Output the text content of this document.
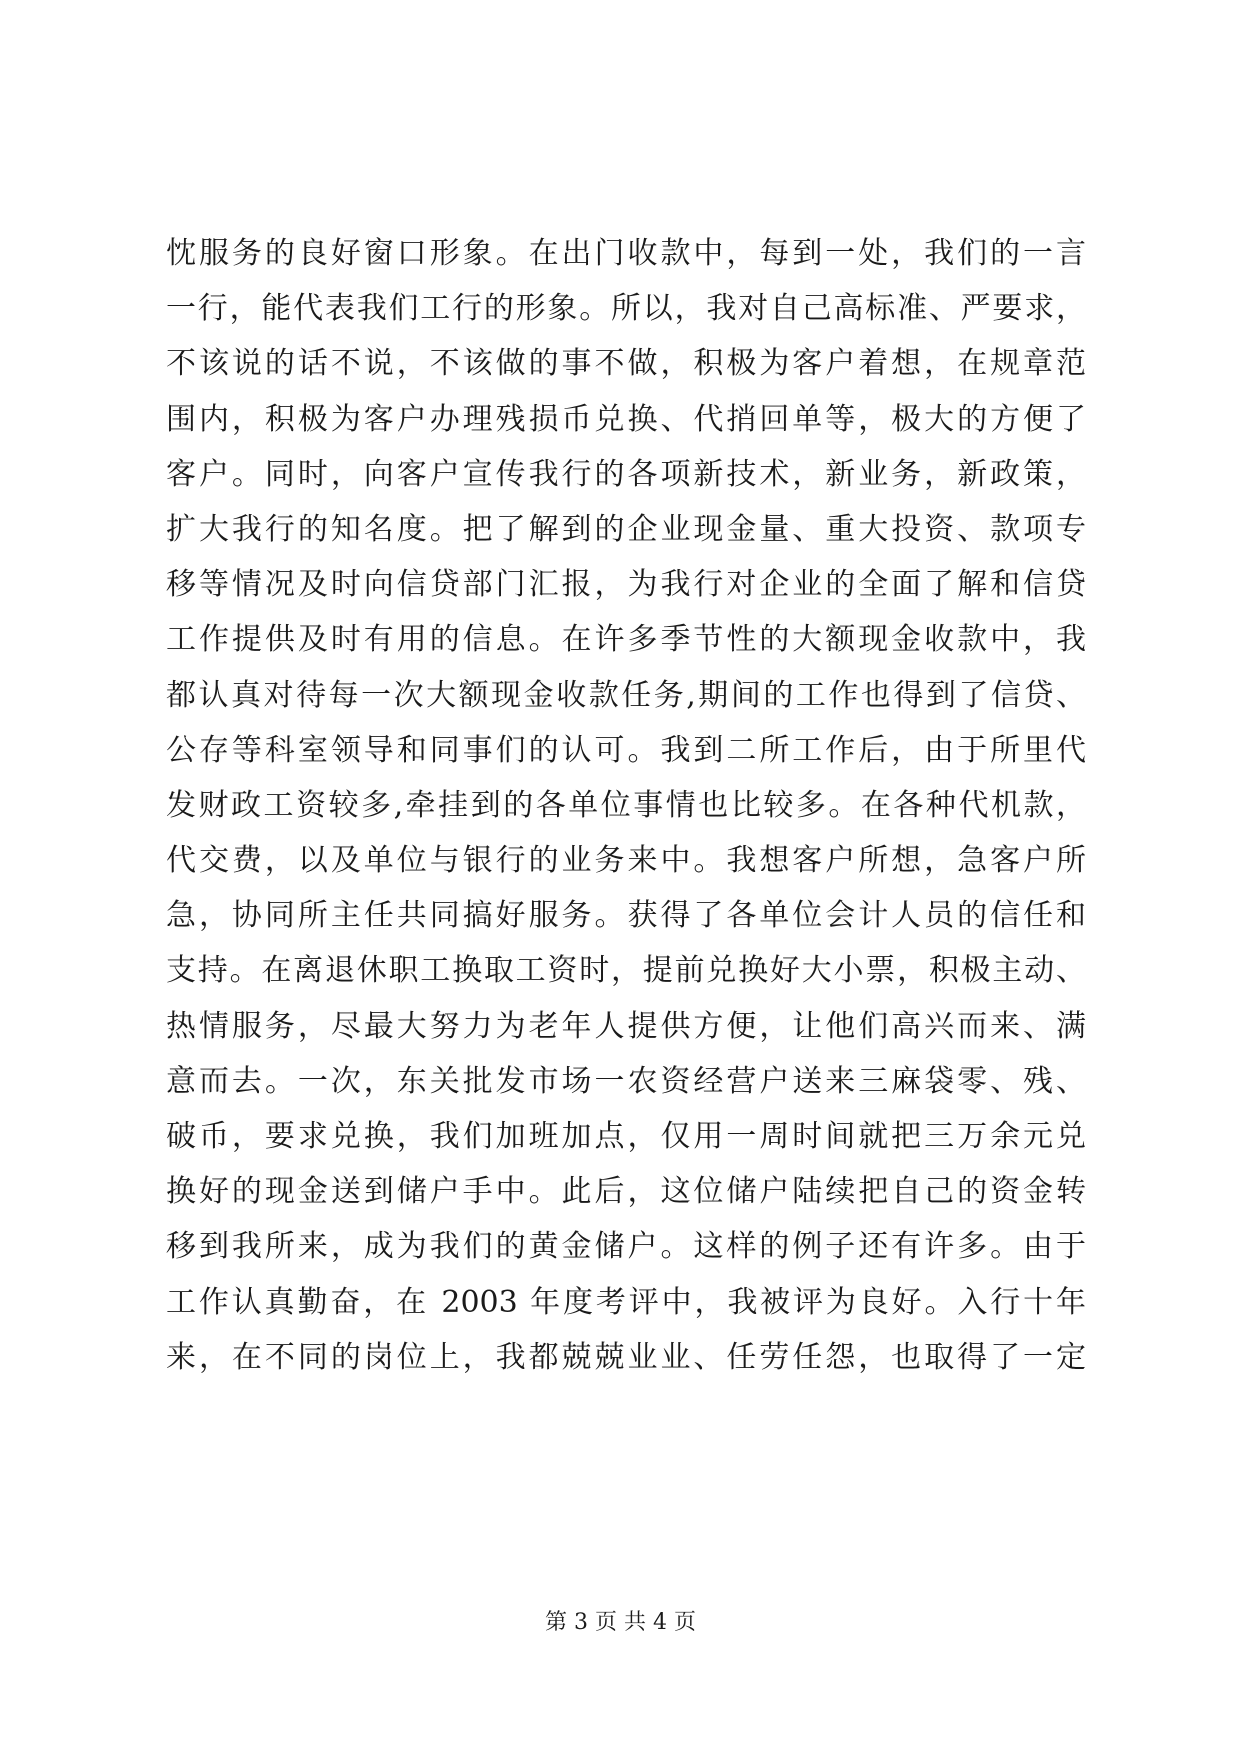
忱服务的良好窗口形象。在出门收款中，每到一处，我们的一言
一行，能代表我们工行的形象。所以，我对自己高标准、严要求，
不该说的话不说，不该做的事不做，积极为客户着想，在规章范
围内，积极为客户办理残损币兑换、代捎回单等，极大的方便了
客户。同时，向客户宣传我行的各项新技术，新业务，新政策，
扩大我行的知名度。把了解到的企业现金量、重大投资、款项专
移等情况及时向信贷部门汇报，为我行对企业的全面了解和信贷
工作提供及时有用的信息。在许多季节性的大额现金收款中，我
都认真对待每一次大额现金收款任务,期间的工作也得到了信贷、
公存等科室领导和同事们的认可。我到二所工作后，由于所里代
发财政工资较多,牵挂到的各单位事情也比较多。在各种代机款，
代交费，以及单位与银行的业务来中。我想客户所想，急客户所
急，协同所主任共同搞好服务。获得了各单位会计人员的信任和
支持。在离退休职工换取工资时，提前兑换好大小票，积极主动、
热情服务，尽最大努力为老年人提供方便，让他们高兴而来、满
意而去。一次，东关批发市场一农资经营户送来三麻袋零、残、
破币，要求兑换，我们加班加点，仅用一周时间就把三万余元兑
换好的现金送到储户手中。此后，这位储户陆续把自己的资金转
移到我所来，成为我们的黄金储户。这样的例子还有许多。由于
工作认真勤奋，在 2003 年度考评中，我被评为良好。入行十年
来，在不同的岗位上，我都兢兢业业、任劳任怨，也取得了一定
第 3 页 共 4 页
